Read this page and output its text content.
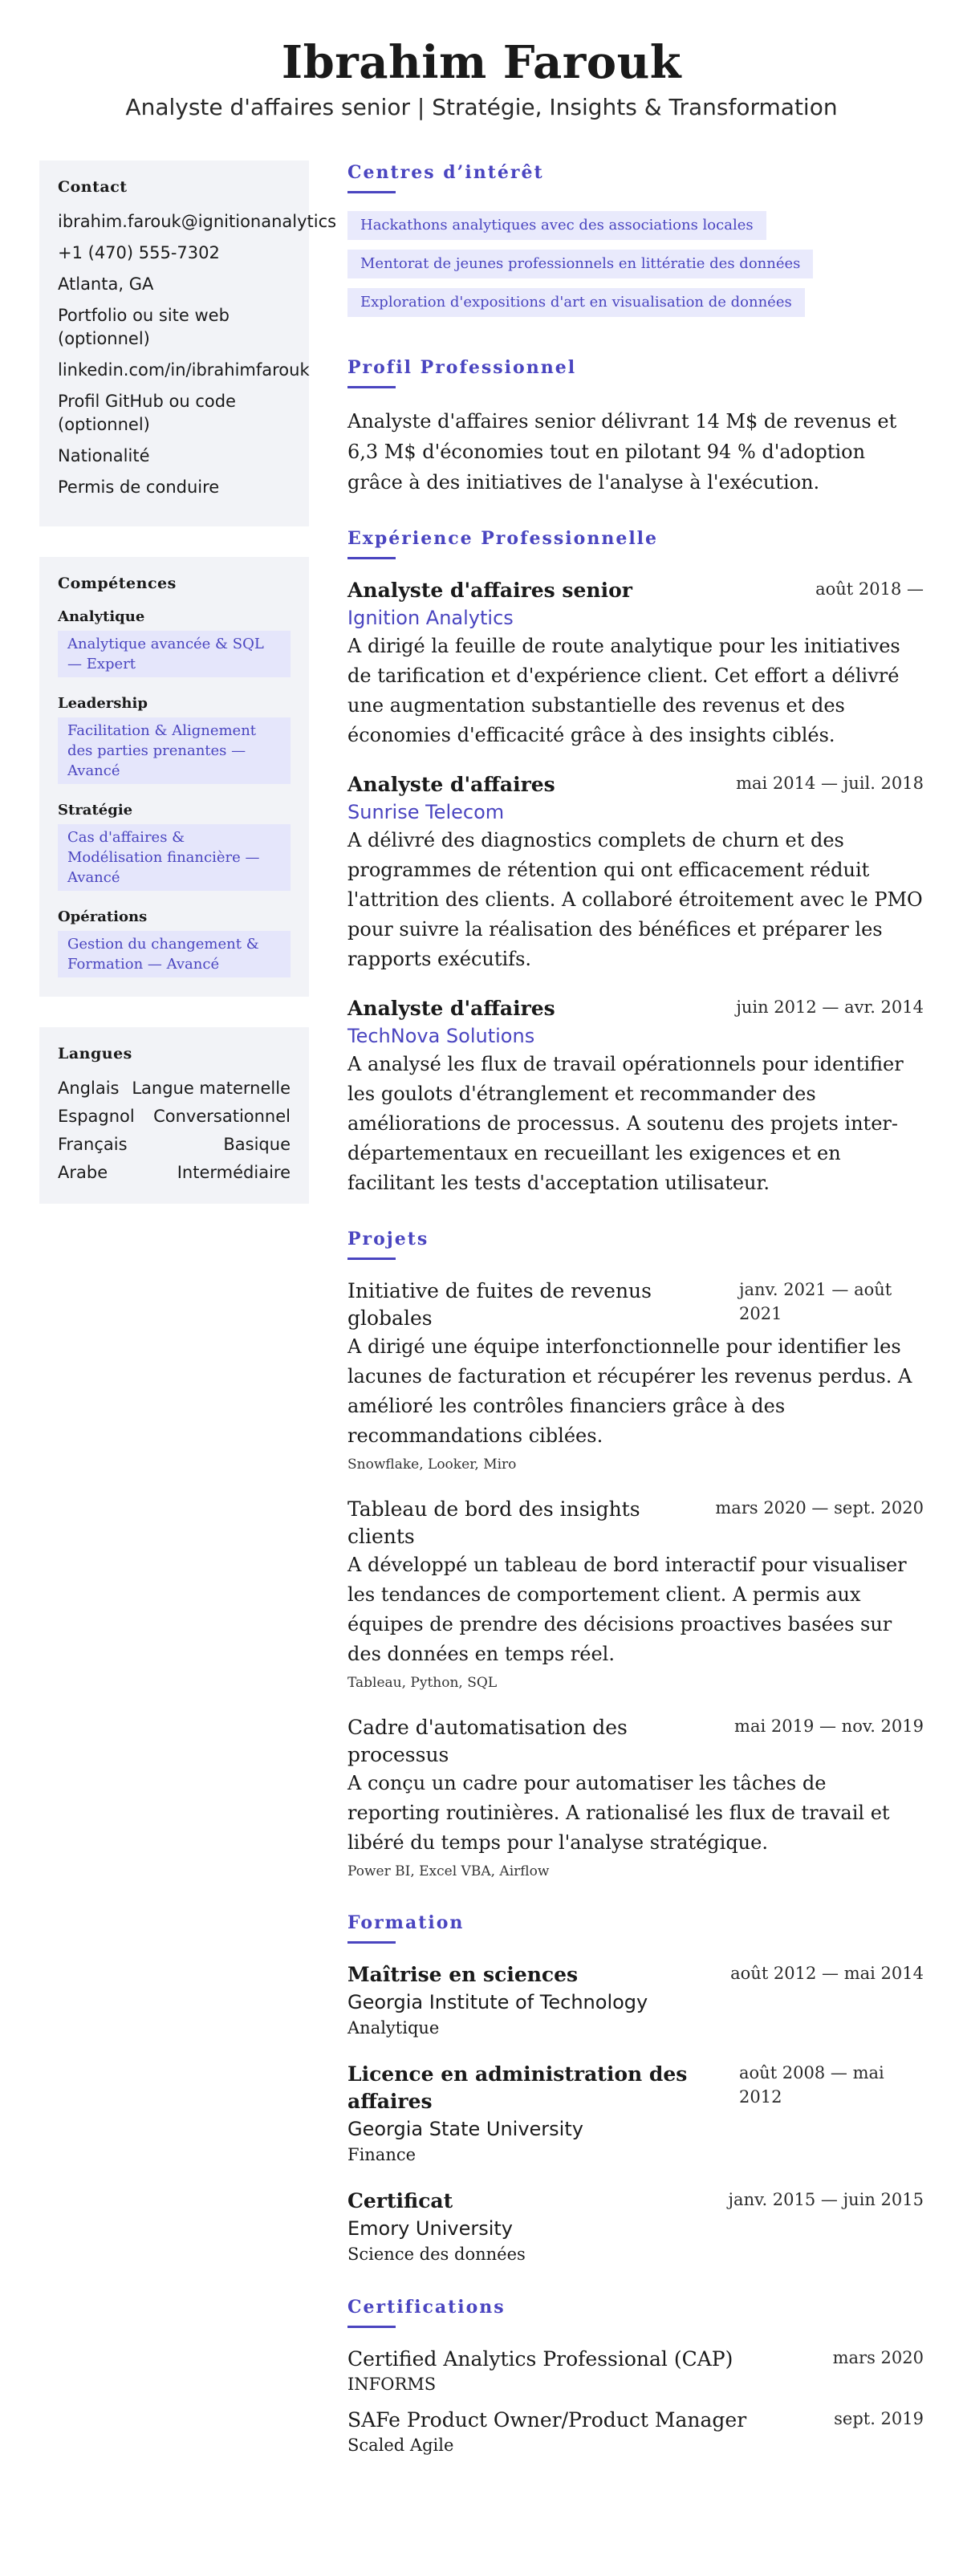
Ibrahim Farouk
Analyste d'affaires senior | Stratégie, Insights & Transformation
Contact
ibrahim.farouk@ignitionanalytics
+1 (470) 555-7302
Atlanta, GA
Portfolio ou site web (optionnel)
linkedin.com/in/ibrahimfarouk
Profil GitHub ou code (optionnel)
Nationalité
Permis de conduire
Compétences
Analytique
Analytique avancée & SQL — Expert
Leadership
Facilitation & Alignement des parties prenantes — Avancé
Stratégie
Cas d'affaires & Modélisation financière — Avancé
Opérations
Gestion du changement & Formation — Avancé
Langues
Anglais Langue maternelle
Espagnol Conversationnel
Français	Basique
Arabe	Intermédiaire
Centres d’intérêt
Hackathons analytiques avec des associations locales
Mentorat de jeunes professionnels en littératie des données
Exploration d'expositions d'art en visualisation de données
Profil Professionnel
Analyste d'affaires senior délivrant 14 M$ de revenus et 6,3 M$ d'économies tout en pilotant 94 % d'adoption grâce à des initiatives de l'analyse à l'exécution.
Expérience Professionnelle
Analyste d'affaires senior	août 2018 —
Ignition Analytics
A dirigé la feuille de route analytique pour les initiatives de tarification et d'expérience client. Cet effort a délivré une augmentation substantielle des revenus et des économies d'efficacité grâce à des insights ciblés.
Analyste d'affaires	mai 2014 — juil. 2018
Sunrise Telecom
A délivré des diagnostics complets de churn et des programmes de rétention qui ont efficacement réduit l'attrition des clients. A collaboré étroitement avec le PMO pour suivre la réalisation des bénéfices et préparer les rapports exécutifs.
Analyste d'affaires	juin 2012 — avr. 2014
TechNova Solutions
A analysé les flux de travail opérationnels pour identifier les goulots d'étranglement et recommander des améliorations de processus. A soutenu des projets inter-départementaux en recueillant les exigences et en facilitant les tests d'acceptation utilisateur.
Projets
Initiative de fuites de revenus globales
janv. 2021 — août 2021
A dirigé une équipe interfonctionnelle pour identifier les lacunes de facturation et récupérer les revenus perdus. A amélioré les contrôles financiers grâce à des recommandations ciblées.
Snowflake, Looker, Miro
Tableau de bord des insights clients
mars 2020 — sept. 2020
A développé un tableau de bord interactif pour visualiser les tendances de comportement client. A permis aux équipes de prendre des décisions proactives basées sur des données en temps réel.
Tableau, Python, SQL
Cadre d'automatisation des processus
mai 2019 — nov. 2019
A conçu un cadre pour automatiser les tâches de reporting routinières. A rationalisé les flux de travail et libéré du temps pour l'analyse stratégique.
Power BI, Excel VBA, Airflow
Formation
Maîtrise en sciences	août 2012 — mai 2014
Georgia Institute of Technology
Analytique
Licence en administration des affaires
août 2008 — mai 2012
Georgia State University
Finance
Certificat	janv. 2015 — juin 2015
Emory University
Science des données
Certifications
Certified Analytics Professional (CAP)	mars 2020
INFORMS
SAFe Product Owner/Product Manager	sept. 2019
Scaled Agile
